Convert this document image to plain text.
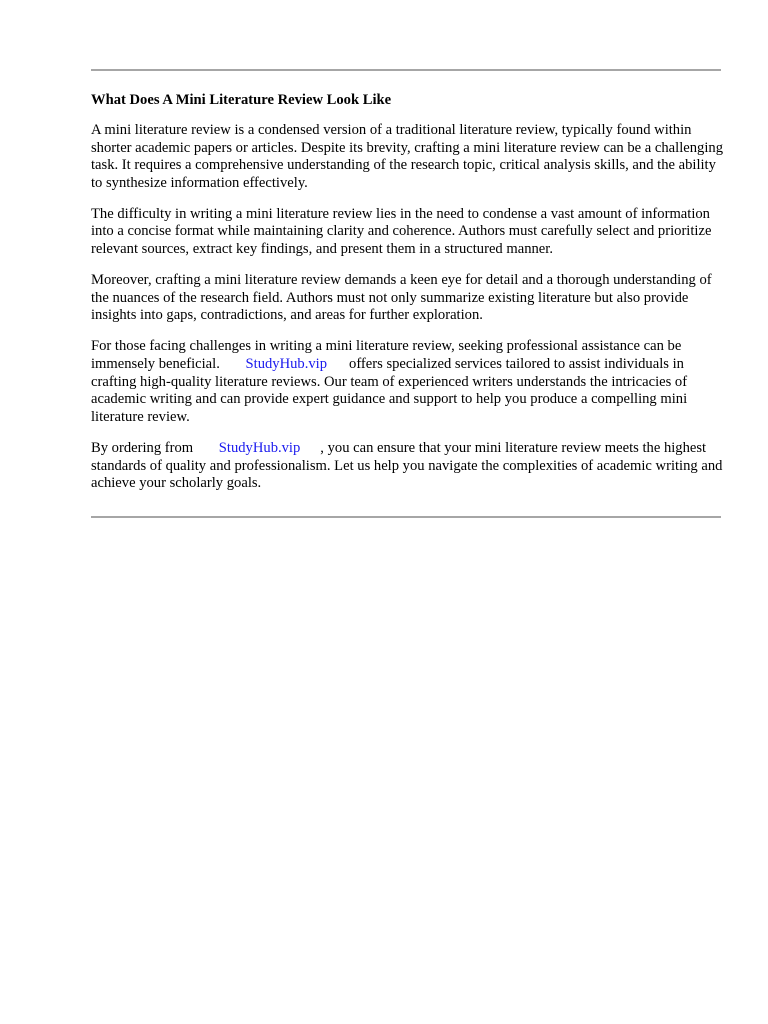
What Does A Mini Literature Review Look Like

A mini literature review is a condensed version of a traditional literature review, typically found within shorter academic papers or articles. Despite its brevity, crafting a mini literature review can be a challenging task. It requires a comprehensive understanding of the research topic, critical analysis skills, and the ability to synthesize information effectively.

The difficulty in writing a mini literature review lies in the need to condense a vast amount of information into a concise format while maintaining clarity and coherence. Authors must carefully select and prioritize relevant sources, extract key findings, and present them in a structured manner.

Moreover, crafting a mini literature review demands a keen eye for detail and a thorough understanding of the nuances of the research field. Authors must not only summarize existing literature but also provide insights into gaps, contradictions, and areas for further exploration.

For those facing challenges in writing a mini literature review, seeking professional assistance can be immensely beneficial. StudyHub.vip offers specialized services tailored to assist individuals in crafting high-quality literature reviews. Our team of experienced writers understands the intricacies of academic writing and can provide expert guidance and support to help you produce a compelling mini literature review.

By ordering from StudyHub.vip , you can ensure that your mini literature review meets the highest standards of quality and professionalism. Let us help you navigate the complexities of academic writing and achieve your scholarly goals.
